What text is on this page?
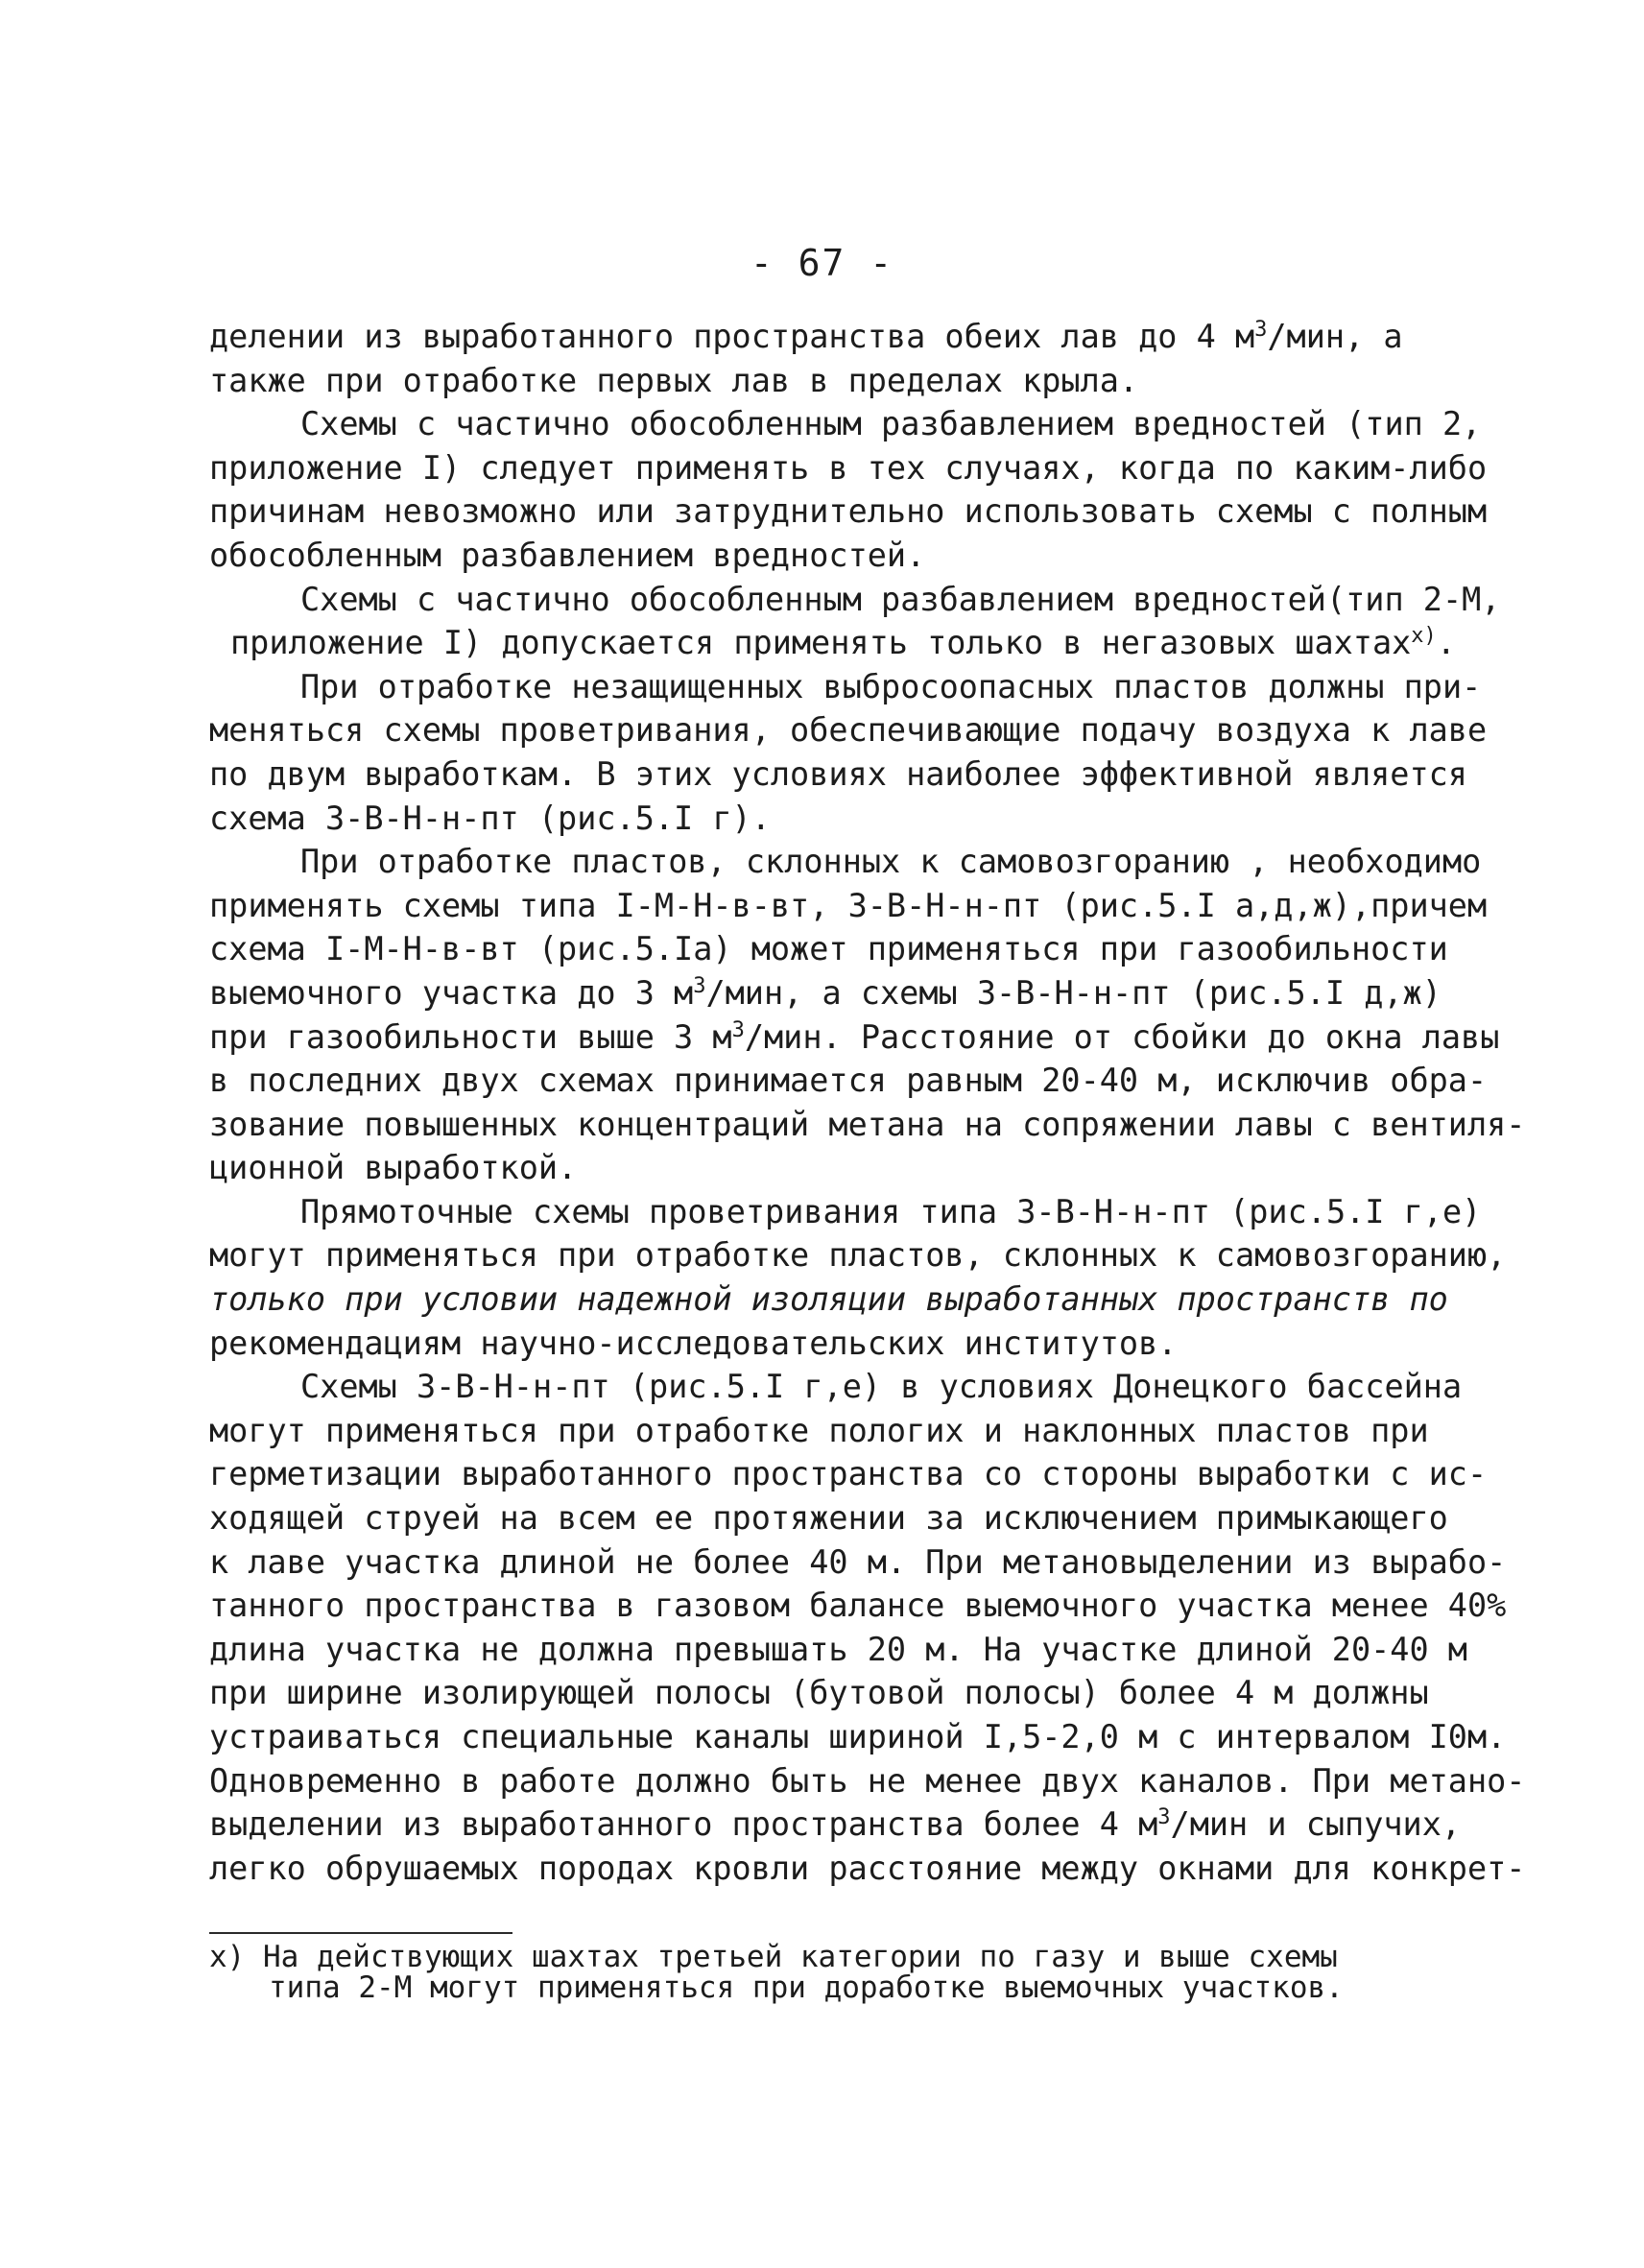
- 67 -
делении из выработанного пространства обеих лав до 4 $м^3$/мин, а
также при отработке первых лав в пределах крыла.
Схемы с частично обособленным разбавлением вредностей (тип 2,
приложение I) следует применять в тех случаях, когда по каким-либо
причинам невозможно или затруднительно использовать схемы с полным
обособленным разбавлением вредностей.
Схемы с частично обособленным разбавлением вредностей(тип 2-М,
приложение I) допускается применять только в негазовых шахтах$^{х)}$.
При отработке незащищенных выбросоопасных пластов должны при-
меняться схемы проветривания, обеспечивающие подачу воздуха к лаве
по двум выработкам. В этих условиях наиболее эффективной является
схема 3-В-Н-н-пт (рис.5.I г).
При отработке пластов, склонных к самовозгоранию , необходимо
применять схемы типа I-М-Н-в-вт, 3-В-Н-н-пт (рис.5.I а,д,ж),причем
схема I-М-Н-в-вт (рис.5.Iа) может применяться при газообильности
выемочного участка до 3 $м^3$/мин, а схемы 3-В-Н-н-пт (рис.5.I д,ж)
при газообильности выше 3 $м^3$/мин. Расстояние от сбойки до окна лавы
в последних двух схемах принимается равным 20-40 м, исключив обра-
зование повышенных концентраций метана на сопряжении лавы с вентиля-
ционной выработкой.
Прямоточные схемы проветривания типа 3-В-Н-н-пт (рис.5.I г,е)
могут применяться при отработке пластов, склонных к самовозгоранию,
только при условии надежной изоляции выработанных пространств по
рекомендациям научно-исследовательских институтов.
Схемы 3-В-Н-н-пт (рис.5.I г,е) в условиях Донецкого бассейна
могут применяться при отработке пологих и наклонных пластов при
герметизации выработанного пространства со стороны выработки с ис-
ходящей струей на всем ее протяжении за исключением примыкающего
к лаве участка длиной не более 40 м. При метановыделении из вырабо-
танного пространства в газовом балансе выемочного участка менее 40%
длина участка не должна превышать 20 м. На участке длиной 20-40 м
при ширине изолирующей полосы (бутовой полосы) более 4 м должны
устраиваться специальные каналы шириной I,5-2,0 м с интервалом I0м.
Одновременно в работе должно быть не менее двух каналов. При метано-
выделении из выработанного пространства более 4 $м^3$/мин и сыпучих,
легко обрушаемых породах кровли расстояние между окнами для конкрет-
х) На действующих шахтах третьей категории по газу и выше схемы
типа 2-М могут применяться при доработке выемочных участков.
